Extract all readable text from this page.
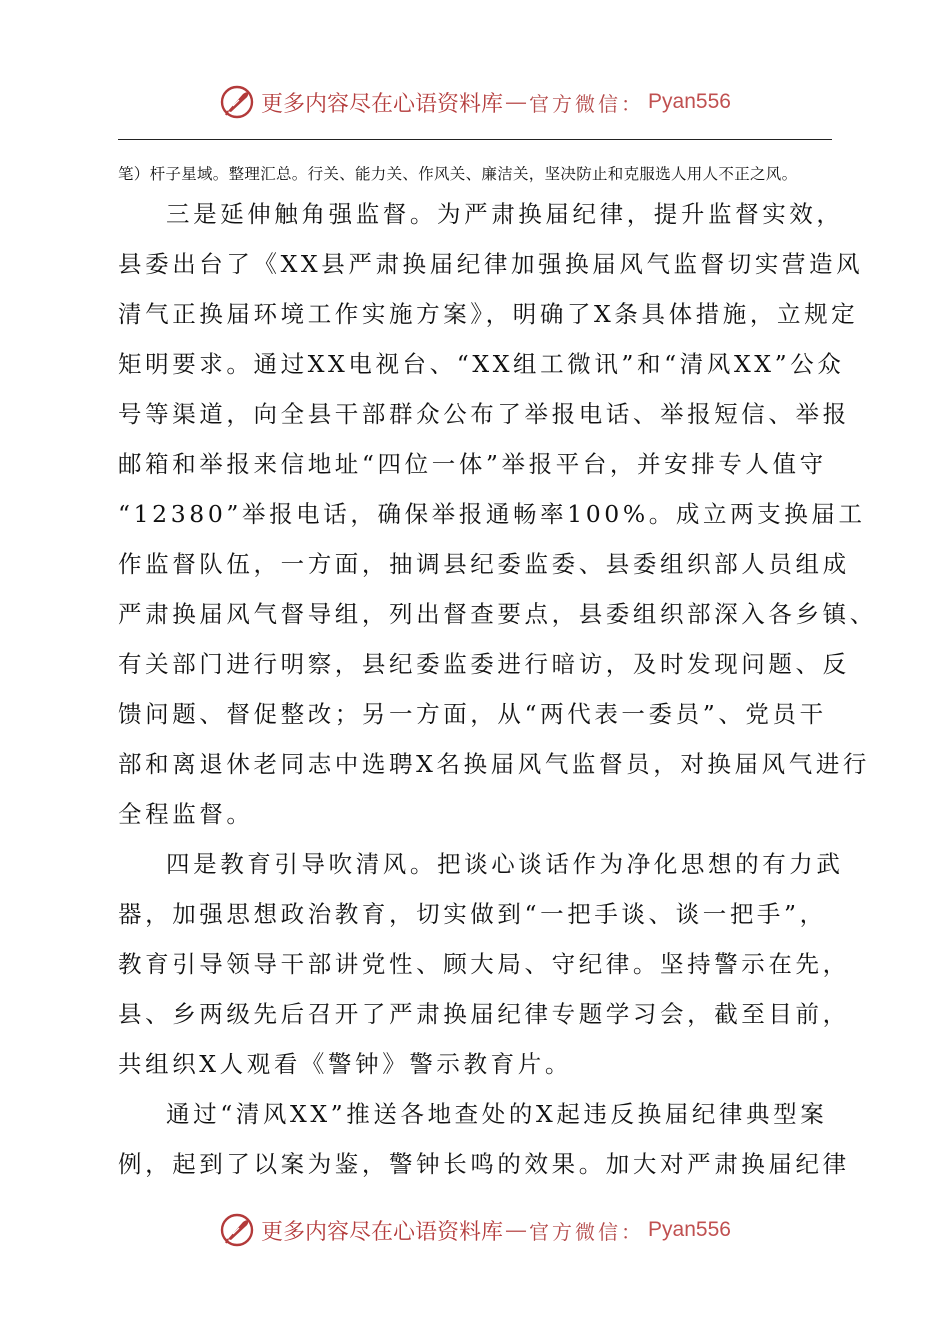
更多内容尽在心语资料库 — 官方微信： Pyan556
笔）杆子星域。整理汇总。行关、能力关、作风关、廉洁关，坚决防止和克服选人用人不正之风。
三是延伸触角强监督。为严肃换届纪律，提升监督实效，
县委出台了《XX县严肃换届纪律加强换届风气监督切实营造风
清气正换届环境工作实施方案》，明确了X条具体措施，立规定
矩明要求。通过XX电视台、“XX组工微讯”和“清风XX”公众
号等渠道，向全县干部群众公布了举报电话、举报短信、举报
邮箱和举报来信地址“四位一体”举报平台，并安排专人值守
“12380”举报电话，确保举报通畅率100%。成立两支换届工
作监督队伍，一方面，抽调县纪委监委、县委组织部人员组成
严肃换届风气督导组，列出督查要点，县委组织部深入各乡镇、
有关部门进行明察，县纪委监委进行暗访，及时发现问题、反
馈问题、督促整改；另一方面，从“两代表一委员”、党员干
部和离退休老同志中选聘X名换届风气监督员，对换届风气进行
全程监督。
四是教育引导吹清风。把谈心谈话作为净化思想的有力武
器，加强思想政治教育，切实做到“一把手谈、谈一把手”，
教育引导领导干部讲党性、顾大局、守纪律。坚持警示在先，
县、乡两级先后召开了严肃换届纪律专题学习会，截至目前，
共组织X人观看《警钟》警示教育片。
通过“清风XX”推送各地查处的X起违反换届纪律典型案
例，起到了以案为鉴，警钟长鸣的效果。加大对严肃换届纪律
更多内容尽在心语资料库 — 官方微信： Pyan556
